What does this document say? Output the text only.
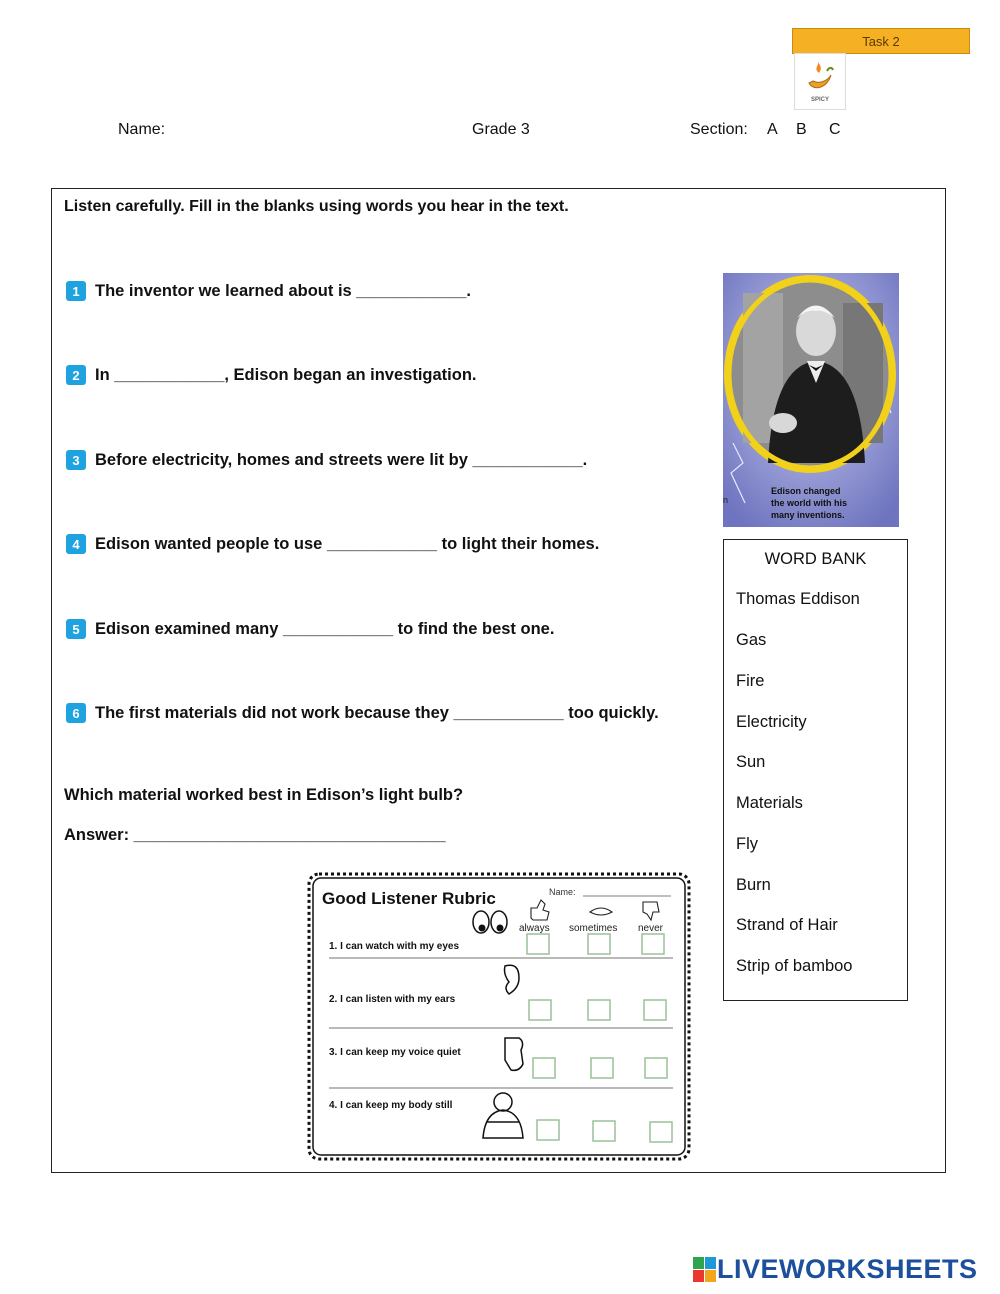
Task 2
SPICY
Name:	Grade 3	Section: A B C
Listen carefully. Fill in the blanks using words you hear in the text.
1 The inventor we learned about is ____________.
2 In ____________, Edison began an investigation.
3 Before electricity, homes and streets were lit by ____________.
4 Edison wanted people to use ____________ to light their homes.
5 Edison examined many ____________ to find the best one.
6 The first materials did not work because they ____________ too quickly.
Which material worked best in Edison’s light bulb?
Answer: __________________________________
n
Edison changed
the world with his
many inventions.
WORD BANK
Thomas Eddison
Gas
Fire
Electricity
Sun
Materials
Fly
Burn
Strand of Hair
Strip of bamboo
Good Listener Rubric	Name:
always sometimes never
1. I can watch with my eyes
2. I can listen with my ears
3. I can keep my voice quiet
4. I can keep my body still
LIVEWORKSHEETS
